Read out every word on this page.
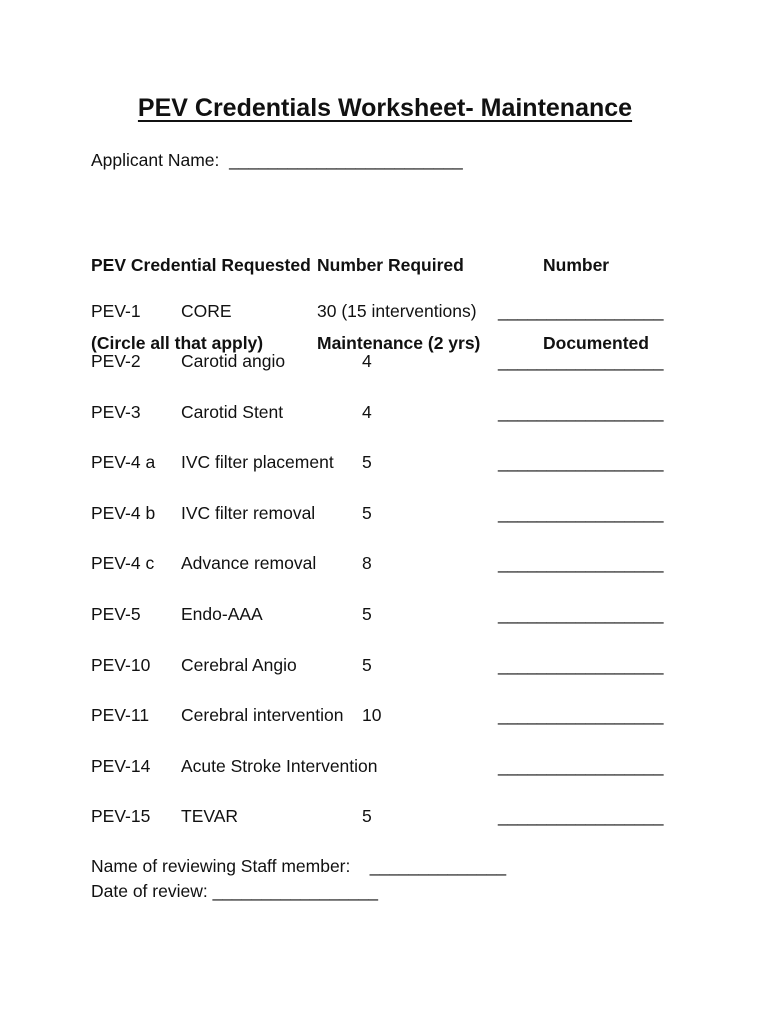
PEV Credentials Worksheet- Maintenance
Applicant Name:  ________________________

PEV Credential Requested

(Circle all that apply)

Number Required

Maintenance (2 yrs)

Number

Documented

PEV-1 CORE	30 (15 interventions) _________________
PEV-2 Carotid angio	4	_________________
PEV-3 Carotid Stent	4	_________________
PEV-4 a IVC filter placement 5	_________________
PEV-4 b IVC filter removal	5	_________________
PEV-4 c Advance removal	8	_________________
PEV-5 Endo-AAA	5	_________________
PEV-10 Cerebral Angio	5	_________________
PEV-11 Cerebral intervention 10	_________________
PEV-14 Acute Stroke Intervention	_________________
PEV-15 TEVAR	5	_________________
Name of reviewing Staff member:    ______________
Date of review: _________________
